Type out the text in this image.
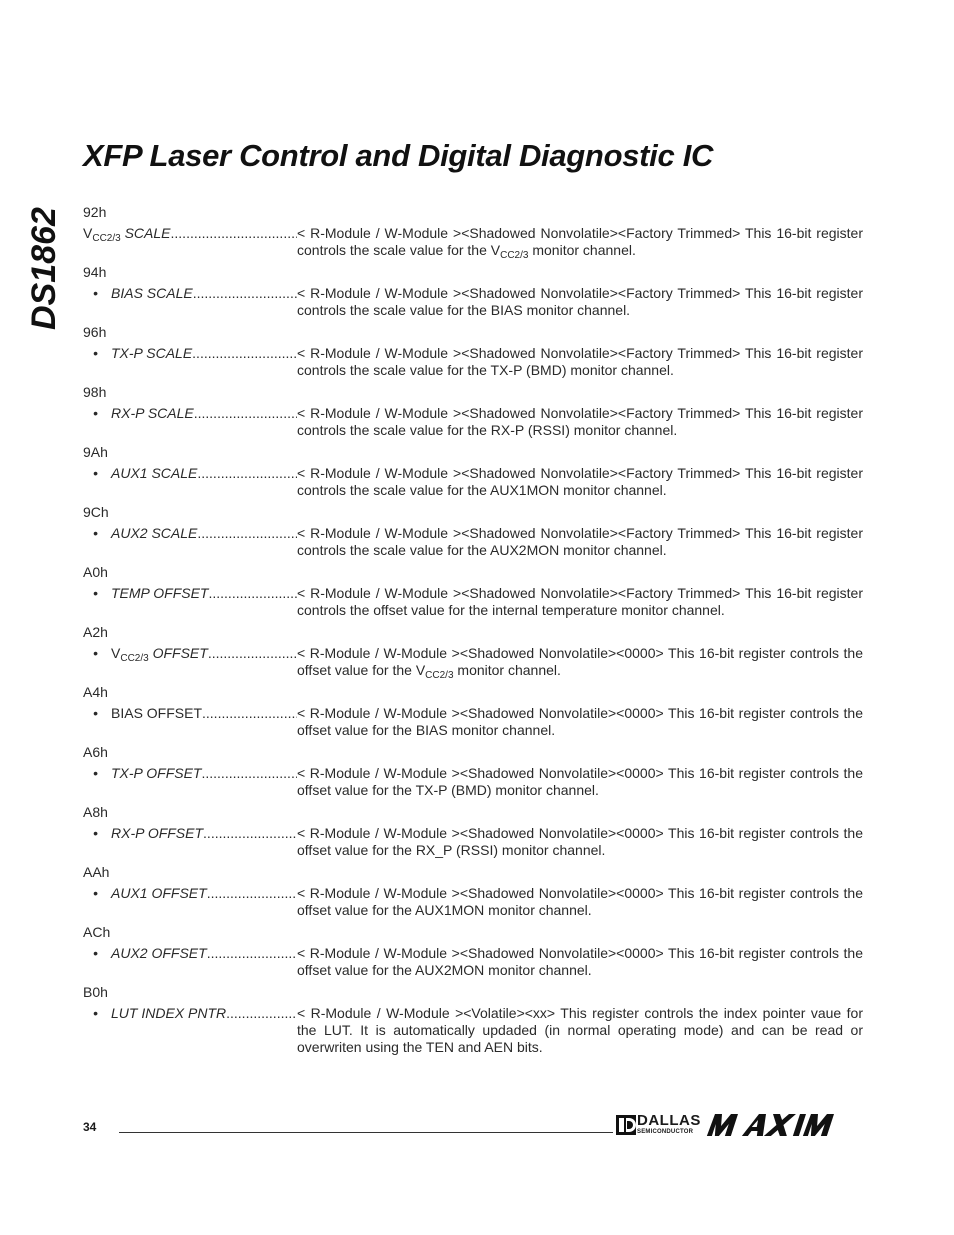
XFP Laser Control and Digital Diagnostic IC
DS1862 92h
$V_{CC2/3}$ SCALE .....	< R-Module / W-Module ><Shadowed Nonvolatile><Factory Trimmed> This 16-bit register controls the scale value for the $V_{CC2/3}$ monitor channel.
94h
• BIAS SCALE .....	< R-Module / W-Module ><Shadowed Nonvolatile><Factory Trimmed> This 16-bit register controls the scale value for the BIAS monitor channel.
96h
• TX-P SCALE .....	< R-Module / W-Module ><Shadowed Nonvolatile><Factory Trimmed> This 16-bit register controls the scale value for the TX-P (BMD) monitor channel.
98h
• RX-P SCALE .....	< R-Module / W-Module ><Shadowed Nonvolatile><Factory Trimmed> This 16-bit register controls the scale value for the RX-P (RSSI) monitor channel.
9Ah
• AUX1 SCALE .....	< R-Module / W-Module ><Shadowed Nonvolatile><Factory Trimmed> This 16-bit register controls the scale value for the AUX1MON monitor channel.
9Ch
• AUX2 SCALE .....	< R-Module / W-Module ><Shadowed Nonvolatile><Factory Trimmed> This 16-bit register controls the scale value for the AUX2MON monitor channel.
A0h
• TEMP OFFSET .....	< R-Module / W-Module ><Shadowed Nonvolatile><Factory Trimmed> This 16-bit register controls the offset value for the internal temperature monitor channel.
A2h
• $V_{CC2/3}$ OFFSET .....	< R-Module / W-Module ><Shadowed Nonvolatile><0000> This 16-bit register controls the offset value for the $V_{CC2/3}$ monitor channel.
A4h
• BIAS OFFSET .....	< R-Module / W-Module ><Shadowed Nonvolatile><0000> This 16-bit register controls the offset value for the BIAS monitor channel.
A6h
• TX-P OFFSET .....	< R-Module / W-Module ><Shadowed Nonvolatile><0000> This 16-bit register controls the offset value for the TX-P (BMD) monitor channel.
A8h
• RX-P OFFSET .....	< R-Module / W-Module ><Shadowed Nonvolatile><0000> This 16-bit register controls the offset value for the RX_P (RSSI) monitor channel.
AAh
• AUX1 OFFSET .....	< R-Module / W-Module ><Shadowed Nonvolatile><0000> This 16-bit register controls the offset value for the AUX1MON monitor channel.
ACh
• AUX2 OFFSET .....	< R-Module / W-Module ><Shadowed Nonvolatile><0000> This 16-bit register controls the offset value for the AUX2MON monitor channel.
B0h
• LUT INDEX PNTR .....	< R-Module / W-Module ><Volatile><xx> This register controls the index pointer vaue for the LUT. It is automatically updaded (in normal operating mode) and can be read or overwriten using the TEN and AEN bits.
34	DALLAS
SEMICONDUCTOR
